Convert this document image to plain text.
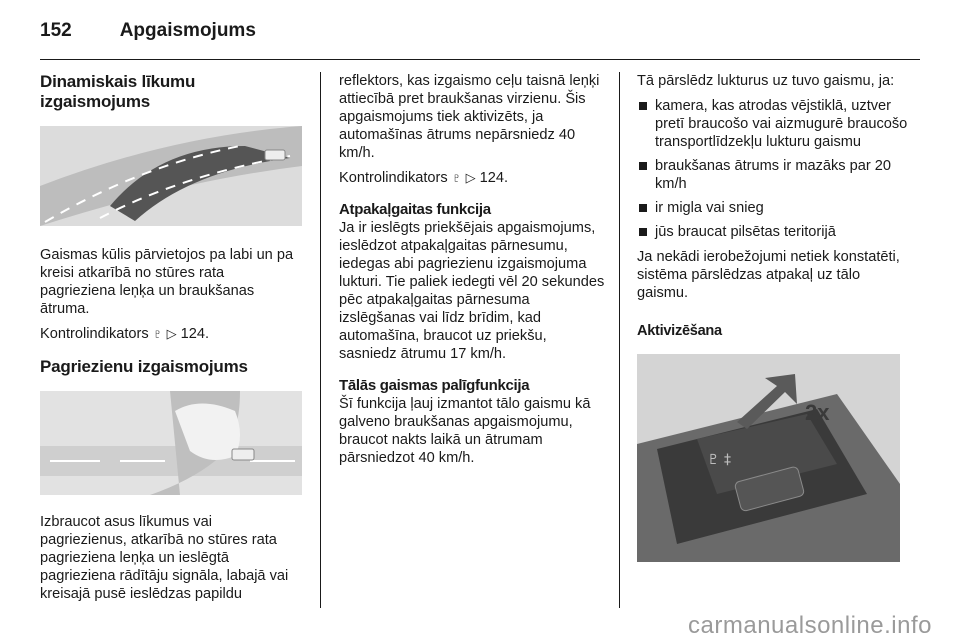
152	Apgaismojums
Dinamiskais līkumu izgaismojums

Gaismas kūlis pārvietojos pa labi un pa kreisi atkarībā no stūres rata pagrieziena leņķa un braukšanas ātruma.

Kontrolindikators ♇ ▷ 124.

Pagriezienu izgaismojums

Izbraucot asus līkumus vai pagriezienus, atkarībā no stūres rata pagrieziena leņķa un ieslēgtā pagrieziena rādītāju signāla, labajā vai kreisajā pusē ieslēdzas papildu

reflektors, kas izgaismo ceļu taisnā leņķi attiecībā pret braukšanas virzienu. Šis apgaismojums tiek aktivizēts, ja automašīnas ātrums nepārsniedz 40 km/h.

Kontrolindikators ♇ ▷ 124.

Atpakaļgaitas funkcija

Ja ir ieslēgts priekšējais apgaismojums, ieslēdzot atpakaļgaitas pārnesumu, iedegas abi pagriezienu izgaismojuma lukturi. Tie paliek iedegti vēl 20 sekundes pēc atpakaļgaitas pārnesuma izslēgšanas vai līdz brīdim, kad automašīna, braucot uz priekšu, sasniedz ātrumu 17 km/h.

Tālās gaismas palīgfunkcija

Šī funkcija ļauj izmantot tālo gaismu kā galveno braukšanas apgaismojumu, braucot nakts laikā un ātrumam pārsniedzot 40 km/h.

Tā pārslēdz lukturus uz tuvo gaismu, ja:

kamera, kas atrodas vējstiklā, uztver pretī braucošo vai aizmugurē braucošo transportlīdzekļu lukturu gaismu
braukšanas ātrums ir mazāks par 20 km/h
ir migla vai snieg
jūs braucat pilsētas teritorijā

Ja nekādi ierobežojumi netiek konstatēti, sistēma pārslēdzas atpakaļ uz tālo gaismu.

Aktivizēšana
♇ ‡
2x
carmanualsonline.info
